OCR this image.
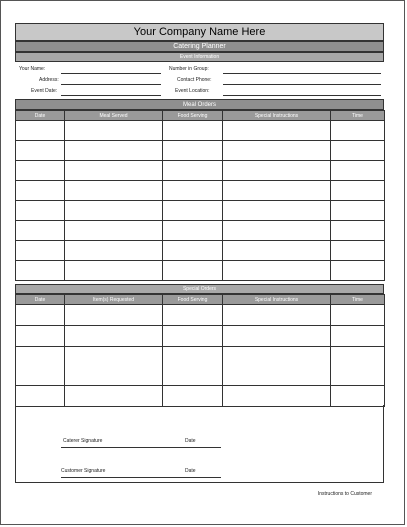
Your Company Name Here
Catering Planner
Event Information
Your Name:	Number in Group:
Address:	Contact Phone:
Event Date:	Event Location:
Meal Orders
Date	Meal Served	Food Serving	Special Instructions	Time

Special Orders
Date	Item(s) Requested	Food Serving	Special Instructions	Time

Caterer Signature	Date
Customer Signature	Date
Instructions to Customer
